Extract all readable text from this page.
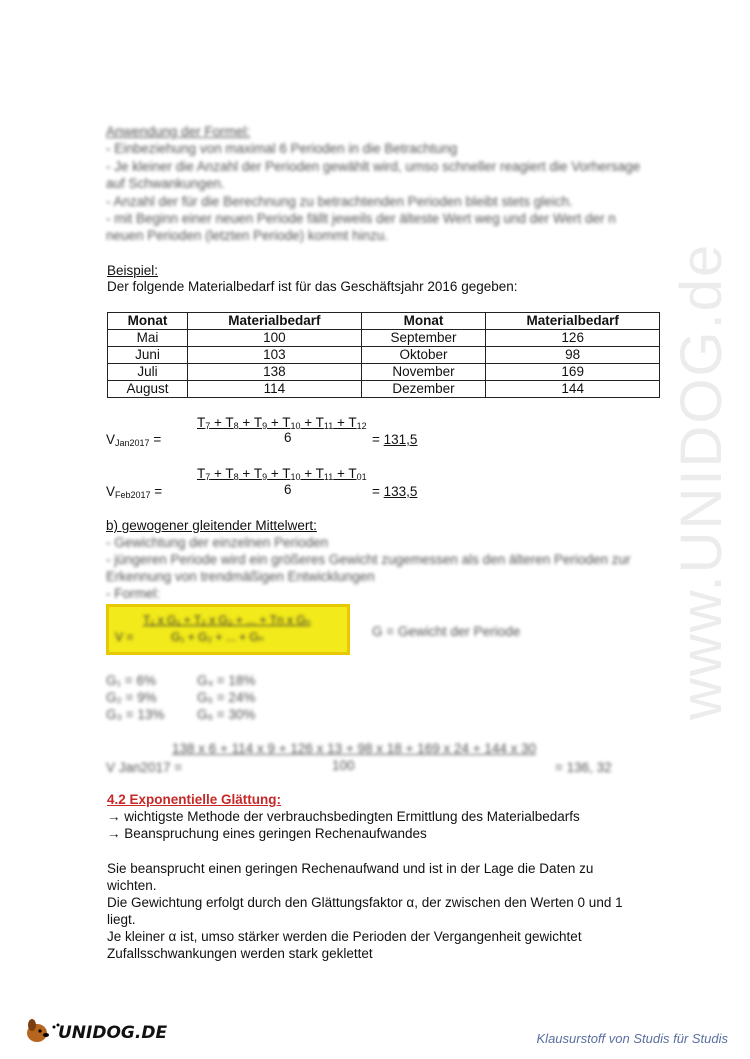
www.UNIDOG.de
Anwendung der Formel:
- Einbeziehung von maximal 6 Perioden in die Betrachtung
- Je kleiner die Anzahl der Perioden gewählt wird, umso schneller reagiert die Vorhersage
auf Schwankungen.
- Anzahl der für die Berechnung zu betrachtenden Perioden bleibt stets gleich.
- mit Beginn einer neuen Periode fällt jeweils der älteste Wert weg und der Wert der n
neuen Perioden (letzten Periode) kommt hinzu.
Beispiel:
Der folgende Materialbedarf ist für das Geschäftsjahr 2016 gegeben:
Monat	Materialbedarf	Monat	Materialbedarf
Mai	100	September	126
Juni	103	Oktober	98
Juli	138	November	169
August	114	Dezember	144
$T_7 + T_8 + T_9 + T_{10} + T_{11} + T_{12}$
$V_{Jan2017}$ =	6	= 131,5
$T_7 + T_8 + T_9 + T_{10} + T_{11} + T_{01}$
$V_{Feb2017}$ =	6	= 133,5
b) gewogener gleitender Mittelwert:
- Gewichtung der einzelnen Perioden
- jüngeren Periode wird ein größeres Gewicht zugemessen als den älteren Perioden zur
Erkennung von trendmäßigen Entwicklungen
- Formel:
T₁ x G₁ + T₂ x G₂ + ... + Tn x Gₙ
V =	G₁ + G₂ + ... + Gₙ	G = Gewicht der Periode
G₁ = 6%
G₂ = 9%
G₃ = 13%
G₄ = 18%
G₅ = 24%
G₆ = 30%
138 x 6 + 114 x 9 + 126 x 13 + 98 x 18 + 169 x 24 + 144 x 30
V Jan2017 =	100	= 136, 32
4.2 Exponentielle Glättung:
→ wichtigste Methode der verbrauchsbedingten Ermittlung des Materialbedarfs
→ Beanspruchung eines geringen Rechenaufwandes
Sie beansprucht einen geringen Rechenaufwand und ist in der Lage die Daten zu
wichten.
Die Gewichtung erfolgt durch den Glättungsfaktor α, der zwischen den Werten 0 und 1
liegt.
Je kleiner α ist, umso stärker werden die Perioden der Vergangenheit gewichtet
Zufallsschwankungen werden stark geklettet
UNIDOG.DE	Klausurstoff von Studis für Studis
